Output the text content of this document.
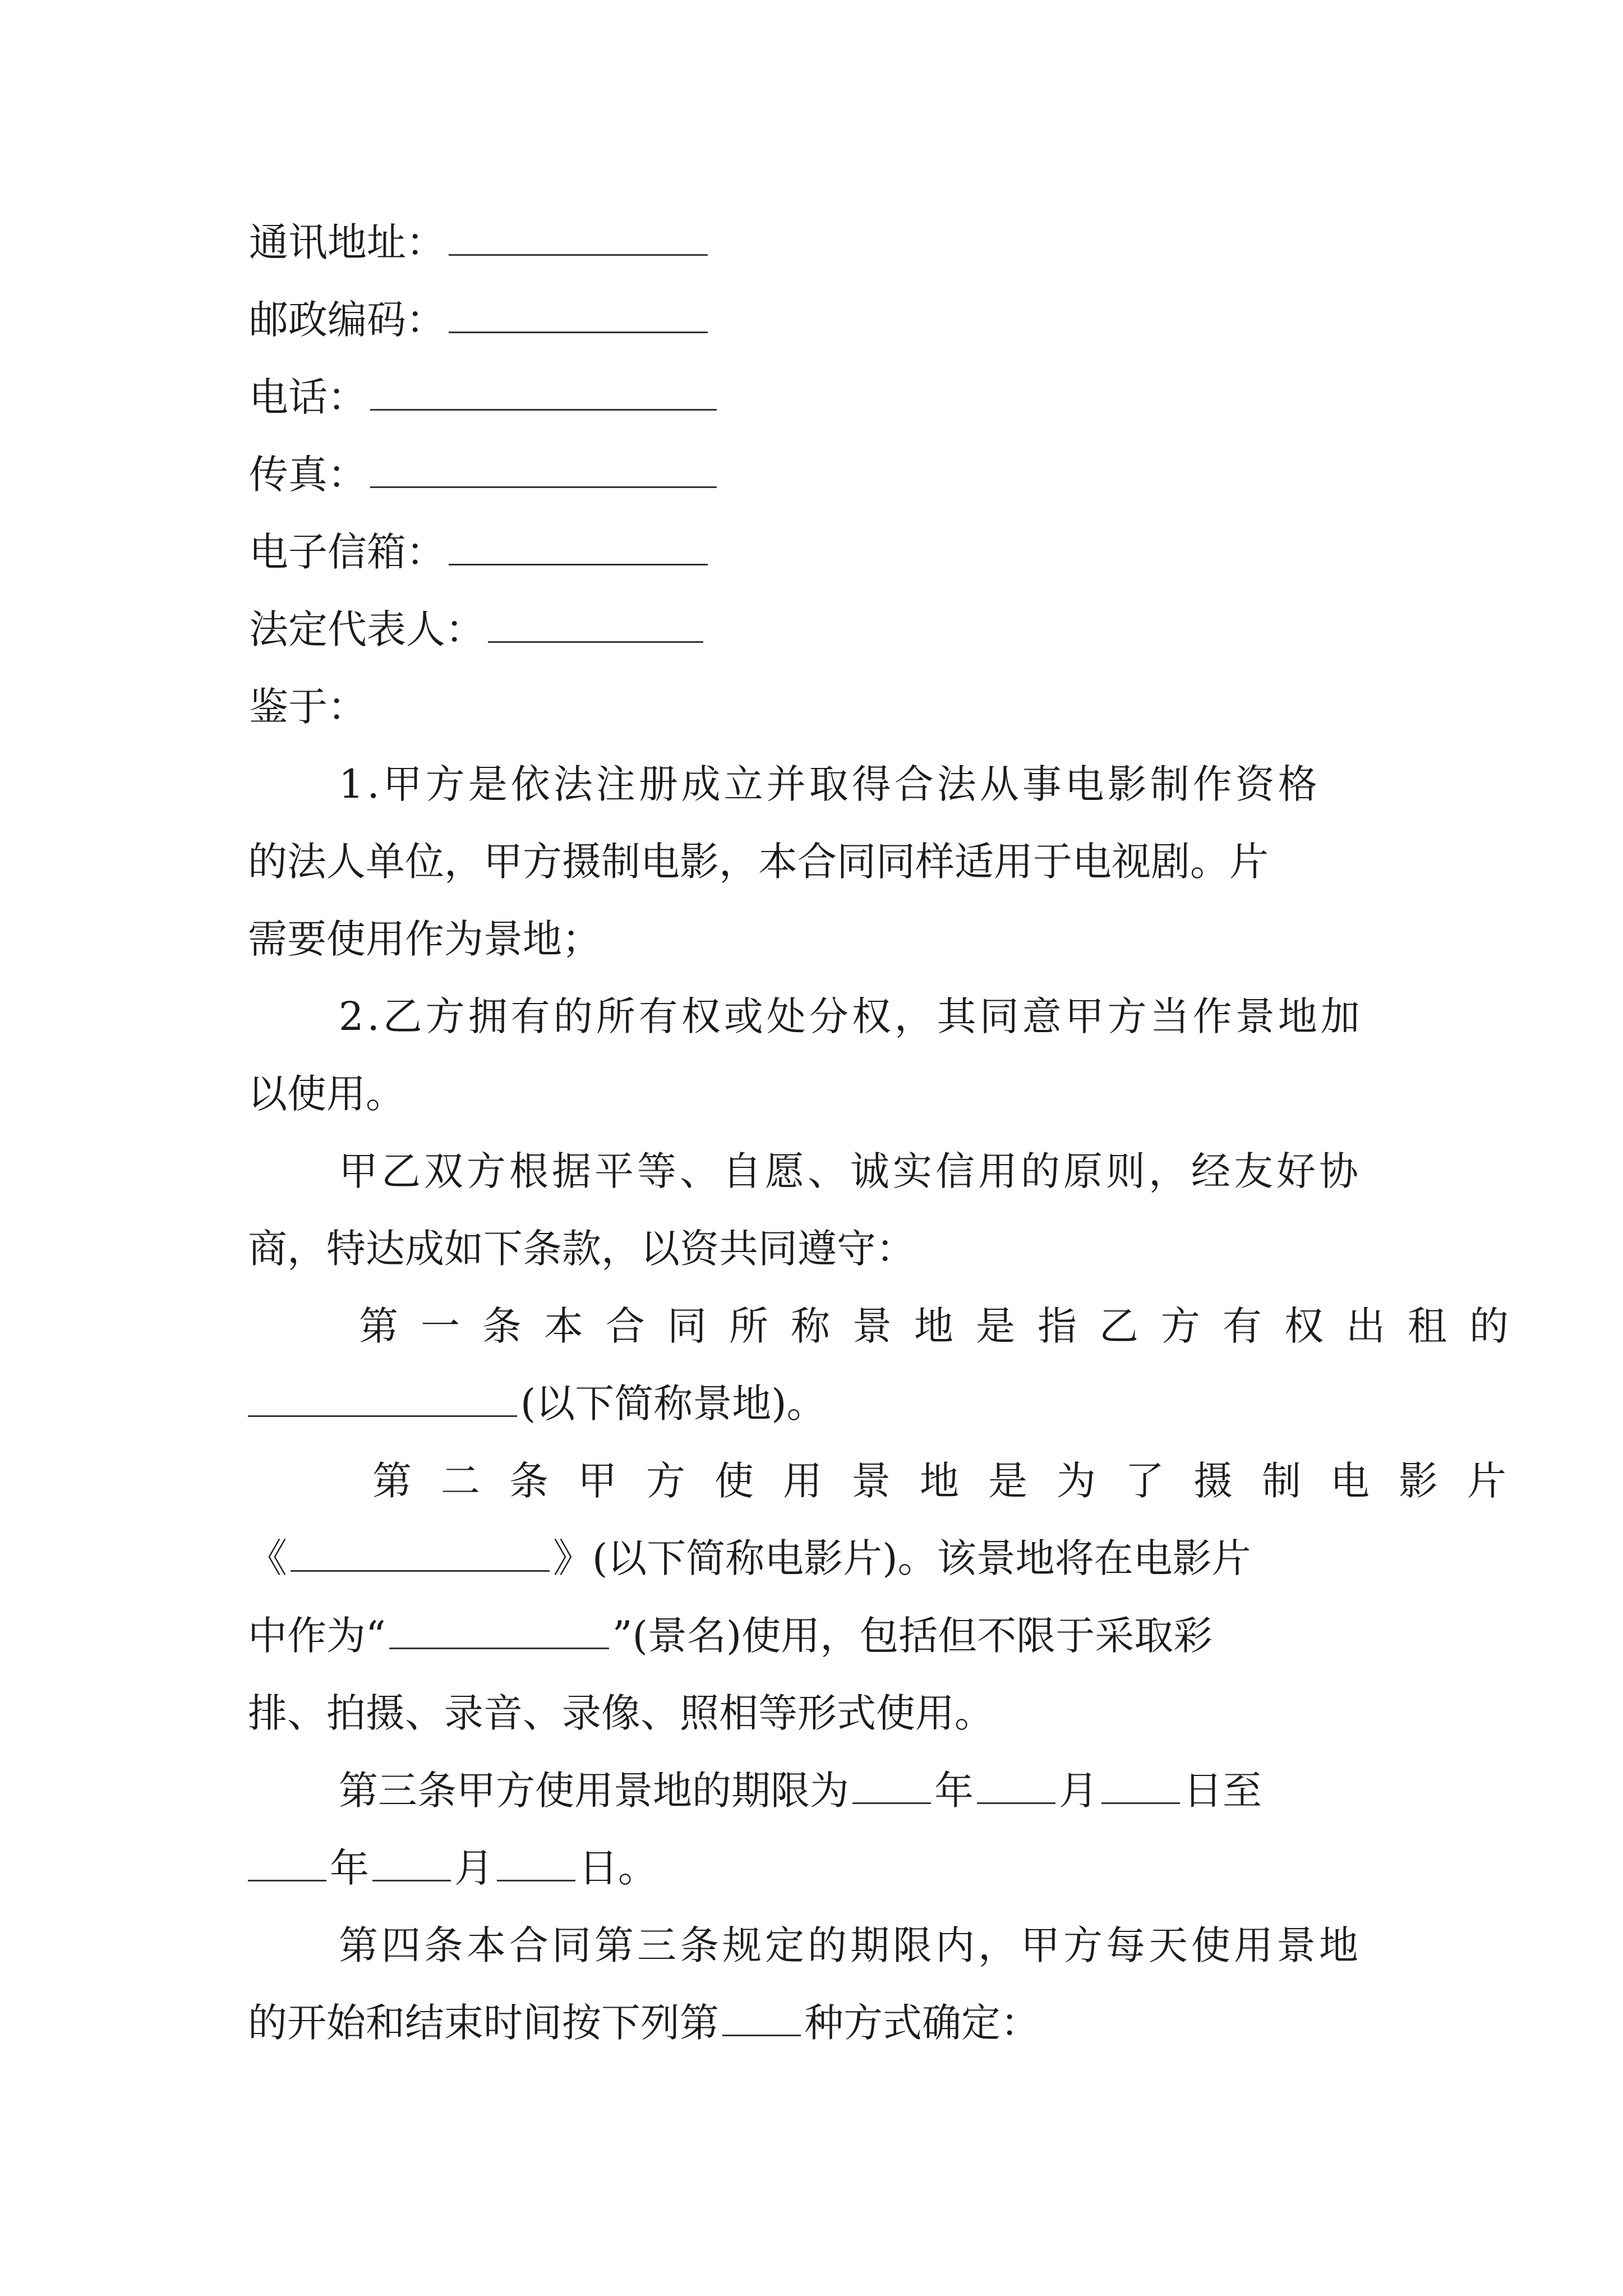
通讯地址：
邮政编码：
电话：
传真：
电子信箱：
法定代表人：
鉴于：
1.甲方是依法注册成立并取得合法从事电影制作资格
的法人单位，甲方摄制电影，本合同同样适用于电视剧。片
需要使用作为景地；
2.乙方拥有的所有权或处分权，其同意甲方当作景地加
以使用。
甲乙双方根据平等、自愿、诚实信用的原则，经友好协
商，特达成如下条款，以资共同遵守：
第一条本合同所称景地是指乙方有权出租的
(以下简称景地)。
第二条甲方使用景地是为了摄制电影片
《	》(以下简称电影片)。该景地将在电影片
中作为“	”(景名)使用，包括但不限于采取彩
排、拍摄、录音、录像、照相等形式使用。
第三条甲方使用景地的期限为 年 月 日至
年 月 日。
第四条本合同第三条规定的期限内，甲方每天使用景地
的开始和结束时间按下列第 种方式确定：
